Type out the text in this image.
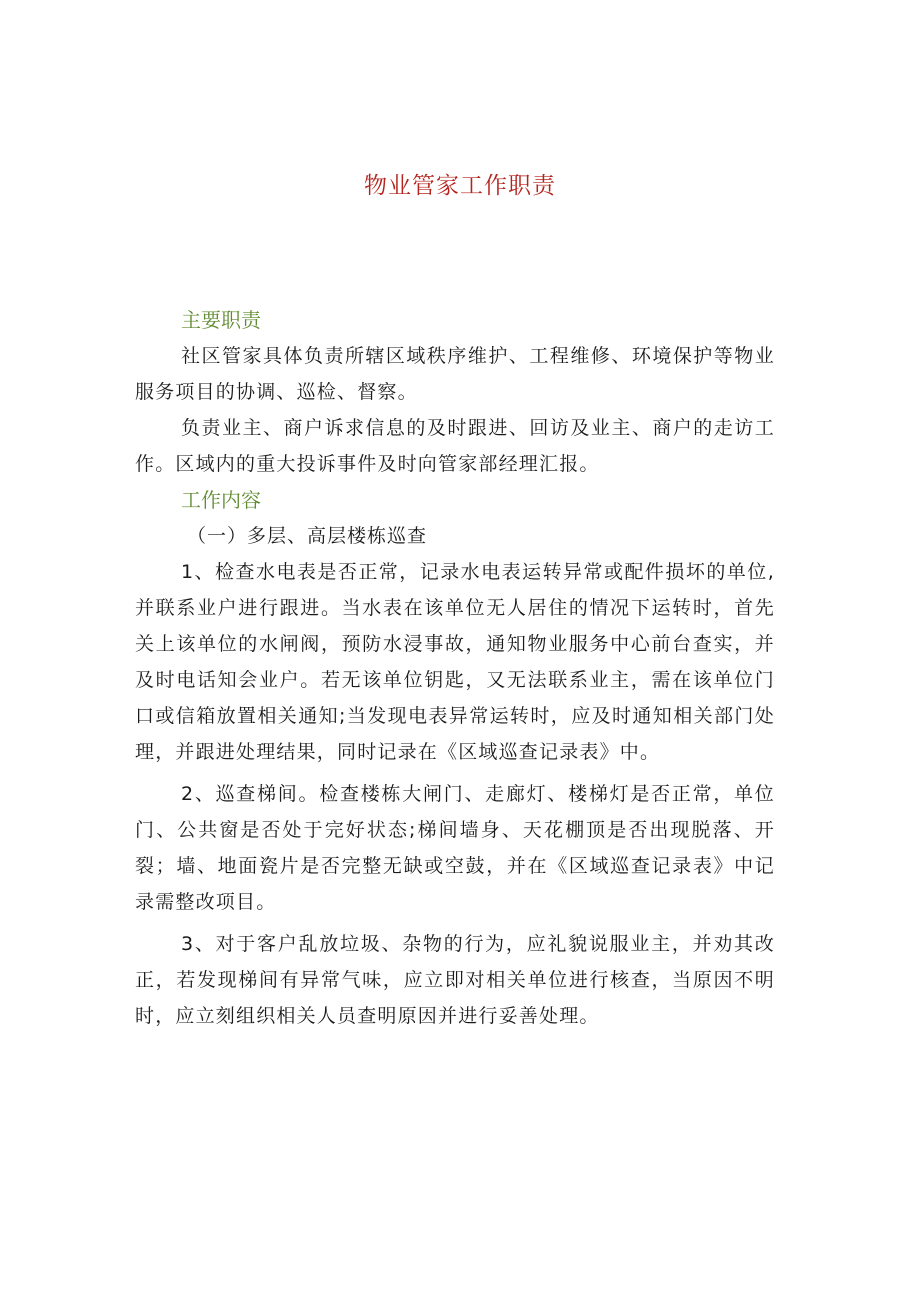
物业管家工作职责
主要职责

社区管家具体负责所辖区域秩序维护、工程维修、环境保护等物业服务项目的协调、巡检、督察。

负责业主、商户诉求信息的及时跟进、回访及业主、商户的走访工作。区域内的重大投诉事件及时向管家部经理汇报。

工作内容

（一）多层、高层楼栋巡查

1、检查水电表是否正常，记录水电表运转异常或配件损坏的单位,并联系业户进行跟进。当水表在该单位无人居住的情况下运转时，首先关上该单位的水闸阀，预防水浸事故，通知物业服务中心前台查实，并及时电话知会业户。若无该单位钥匙，又无法联系业主，需在该单位门口或信箱放置相关通知;当发现电表异常运转时，应及时通知相关部门处理，并跟进处理结果，同时记录在《区域巡查记录表》中。

2、巡查梯间。检查楼栋大闸门、走廊灯、楼梯灯是否正常，单位门、公共窗是否处于完好状态;梯间墙身、天花棚顶是否出现脱落、开裂；墙、地面瓷片是否完整无缺或空鼓，并在《区域巡查记录表》中记录需整改项目。

3、对于客户乱放垃圾、杂物的行为，应礼貌说服业主，并劝其改正，若发现梯间有异常气味，应立即对相关单位进行核查，当原因不明时，应立刻组织相关人员查明原因并进行妥善处理。
